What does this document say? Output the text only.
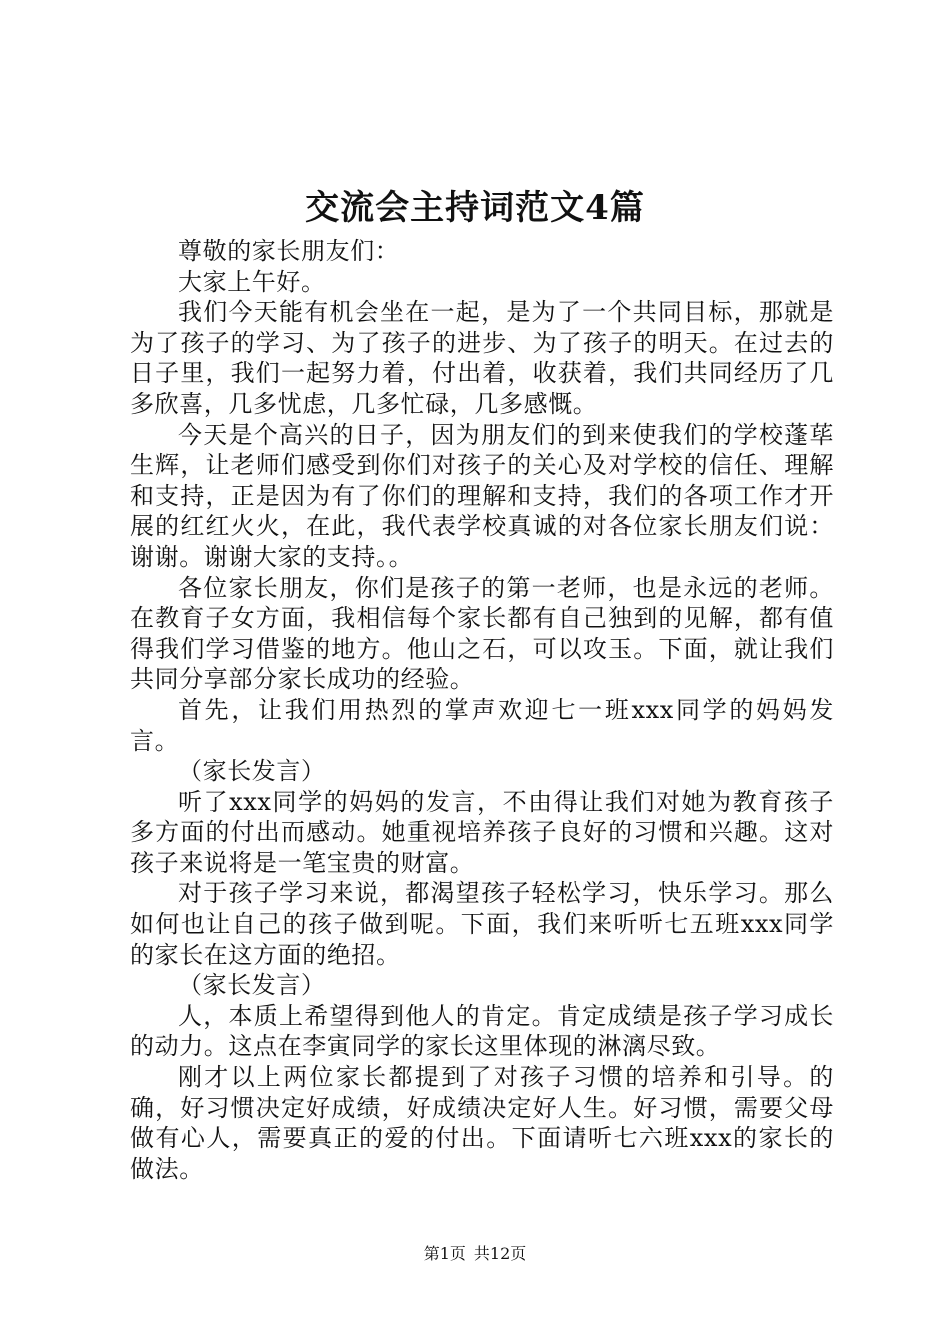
交流会主持词范文4篇

尊敬的家长朋友们：

大家上午好。

我们今天能有机会坐在一起，是为了一个共同目标，那就是为了孩子的学习、为了孩子的进步、为了孩子的明天。在过去的日子里，我们一起努力着，付出着，收获着，我们共同经历了几多欣喜，几多忧虑，几多忙碌，几多感慨。

今天是个高兴的日子，因为朋友们的到来使我们的学校蓬荜生辉，让老师们感受到你们对孩子的关心及对学校的信任、理解和支持，正是因为有了你们的理解和支持，我们的各项工作才开展的红红火火，在此，我代表学校真诚的对各位家长朋友们说：谢谢。谢谢大家的支持。。

各位家长朋友，你们是孩子的第一老师，也是永远的老师。在教育子女方面，我相信每个家长都有自己独到的见解，都有值得我们学习借鉴的地方。他山之石，可以攻玉。下面，就让我们共同分享部分家长成功的经验。

首先，让我们用热烈的掌声欢迎七一班xxx同学的妈妈发言。

（家长发言）

听了xxx同学的妈妈的发言，不由得让我们对她为教育孩子多方面的付出而感动。她重视培养孩子良好的习惯和兴趣。这对孩子来说将是一笔宝贵的财富。

对于孩子学习来说，都渴望孩子轻松学习，快乐学习。那么如何也让自己的孩子做到呢。下面，我们来听听七五班xxx同学的家长在这方面的绝招。

（家长发言）

人，本质上希望得到他人的肯定。肯定成绩是孩子学习成长的动力。这点在李寅同学的家长这里体现的淋漓尽致。

刚才以上两位家长都提到了对孩子习惯的培养和引导。的确，好习惯决定好成绩，好成绩决定好人生。好习惯，需要父母做有心人，需要真正的爱的付出。下面请听七六班xxx的家长的做法。

第1页 共12页
